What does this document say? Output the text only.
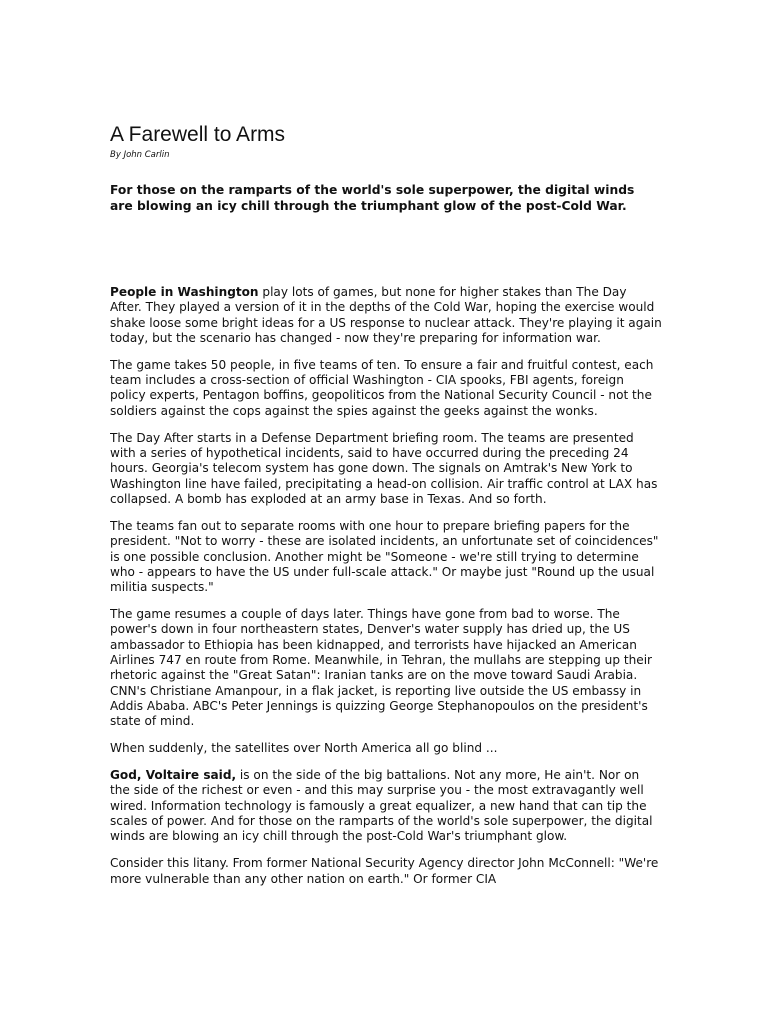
A Farewell to Arms
By John Carlin

For those on the ramparts of the world's sole superpower, the digital winds are blowing an icy chill through the triumphant glow of the post-Cold War.

People in Washington play lots of games, but none for higher stakes than The Day After. They played a version of it in the depths of the Cold War, hoping the exercise would shake loose some bright ideas for a US response to nuclear attack. They're playing it again today, but the scenario has changed - now they're preparing for information war.

The game takes 50 people, in five teams of ten. To ensure a fair and fruitful contest, each team includes a cross-section of official Washington - CIA spooks, FBI agents, foreign policy experts, Pentagon boffins, geopoliticos from the National Security Council - not the soldiers against the cops against the spies against the geeks against the wonks.

The Day After starts in a Defense Department briefing room. The teams are presented with a series of hypothetical incidents, said to have occurred during the preceding 24 hours. Georgia's telecom system has gone down. The signals on Amtrak's New York to Washington line have failed, precipitating a head-on collision. Air traffic control at LAX has collapsed. A bomb has exploded at an army base in Texas. And so forth.

The teams fan out to separate rooms with one hour to prepare briefing papers for the president. "Not to worry - these are isolated incidents, an unfortunate set of coincidences" is one possible conclusion. Another might be "Someone - we're still trying to determine who - appears to have the US under full-scale attack." Or maybe just "Round up the usual militia suspects."

The game resumes a couple of days later. Things have gone from bad to worse. The power's down in four northeastern states, Denver's water supply has dried up, the US ambassador to Ethiopia has been kidnapped, and terrorists have hijacked an American Airlines 747 en route from Rome. Meanwhile, in Tehran, the mullahs are stepping up their rhetoric against the "Great Satan": Iranian tanks are on the move toward Saudi Arabia. CNN's Christiane Amanpour, in a flak jacket, is reporting live outside the US embassy in Addis Ababa. ABC's Peter Jennings is quizzing George Stephanopoulos on the president's state of mind.

When suddenly, the satellites over North America all go blind ...

God, Voltaire said, is on the side of the big battalions. Not any more, He ain't. Nor on the side of the richest or even - and this may surprise you - the most extravagantly well wired. Information technology is famously a great equalizer, a new hand that can tip the scales of power. And for those on the ramparts of the world's sole superpower, the digital winds are blowing an icy chill through the post-Cold War's triumphant glow.

Consider this litany. From former National Security Agency director John McConnell: "We're more vulnerable than any other nation on earth." Or former CIA
